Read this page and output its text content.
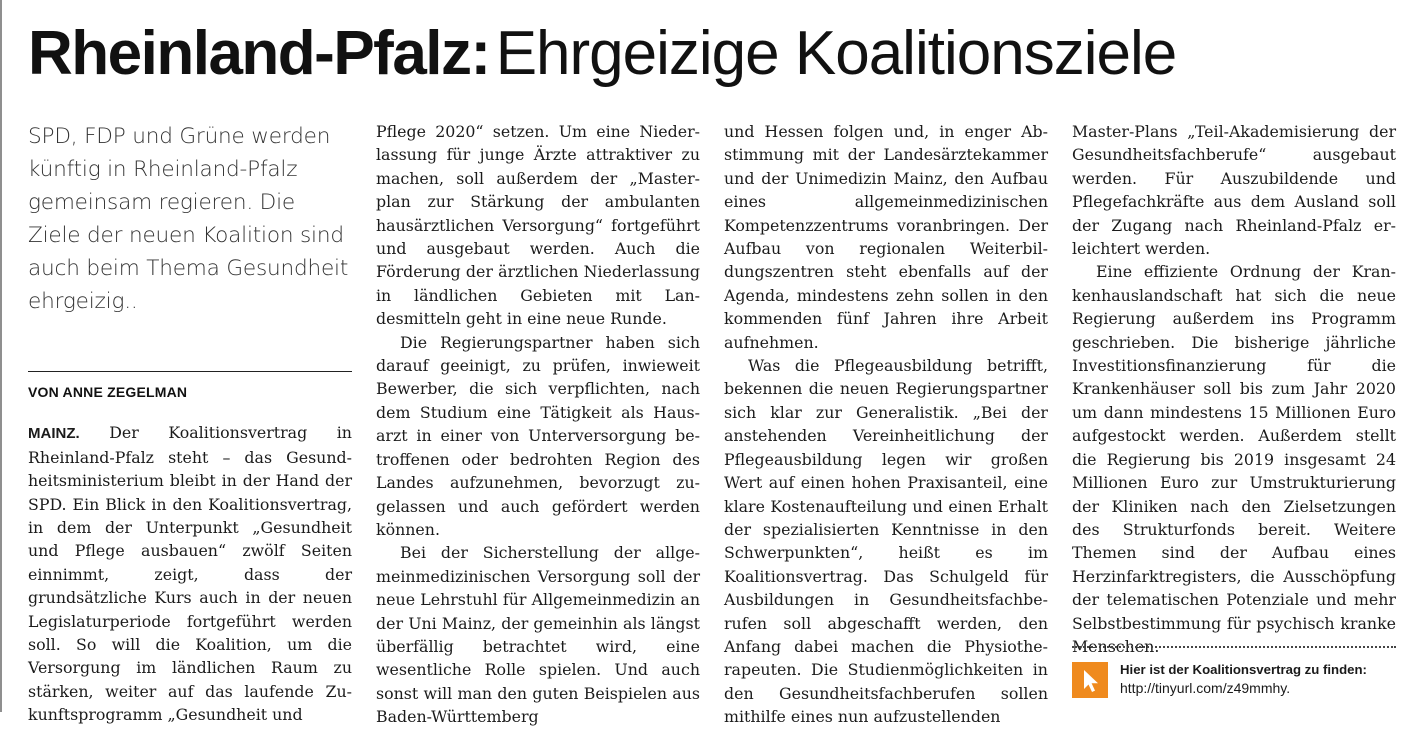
Rheinland-Pfalz:Ehrgeizige Koalitionsziele

SPD, FDP und Grüne werden künftig in Rheinland-Pfalz gemeinsam regieren. Die Ziele der neuen Koalition sind auch beim Thema Gesundheit ehrgeizig..

VON ANNE ZEGELMAN

MAINZ. Der Koalitionsvertrag in Rheinland-Pfalz steht – das Gesundheitsministerium bleibt in der Hand der SPD. Ein Blick in den Koalitionsvertrag, in dem der Unterpunkt „Gesundheit und Pflege ausbauen“ zwölf Seiten einnimmt, zeigt, dass der grundsätzliche Kurs auch in der neuen Legislaturperiode fortgeführt werden soll. So will die Koalition, um die Versorgung im ländlichen Raum zu stärken, weiter auf das laufende Zukunftsprogramm „Gesundheit und

Pflege 2020“ setzen. Um eine Niederlassung für junge Ärzte attraktiver zu machen, soll außerdem der „Masterplan zur Stärkung der ambulanten hausärztlichen Versorgung“ fortgeführt und ausgebaut werden. Auch die Förderung der ärztlichen Niederlassung in ländlichen Gebieten mit Landesmitteln geht in eine neue Runde.

Die Regierungspartner haben sich darauf geeinigt, zu prüfen, inwieweit Bewerber, die sich verpflichten, nach dem Studium eine Tätigkeit als Hausarzt in einer von Unterversorgung betroffenen oder bedrohten Region des Landes aufzunehmen, bevorzugt zugelassen und auch gefördert werden können.

Bei der Sicherstellung der allgemeinmedizinischen Versorgung soll der neue Lehrstuhl für Allgemeinmedizin an der Uni Mainz, der gemeinhin als längst überfällig betrachtet wird, eine wesentliche Rolle spielen. Und auch sonst will man den guten Beispielen aus Baden-Württemberg

und Hessen folgen und, in enger Abstimmung mit der Landesärztekammer und der Unimedizin Mainz, den Aufbau eines allgemeinmedizinischen Kompetenzzentrums voranbringen. Der Aufbau von regionalen Weiterbildungszentren steht ebenfalls auf der Agenda, mindestens zehn sollen in den kommenden fünf Jahren ihre Arbeit aufnehmen.

Was die Pflegeausbildung betrifft, bekennen die neuen Regierungspartner sich klar zur Generalistik. „Bei der anstehenden Vereinheitlichung der Pflegeausbildung legen wir großen Wert auf einen hohen Praxisanteil, eine klare Kostenaufteilung und einen Erhalt der spezialisierten Kenntnisse in den Schwerpunkten“, heißt es im Koalitionsvertrag. Das Schulgeld für Ausbildungen in Gesundheitsfachberufen soll abgeschafft werden, den Anfang dabei machen die Physiotherapeuten. Die Studienmöglichkeiten in den Gesundheitsfachberufen sollen mithilfe eines nun aufzustellenden

Master-Plans „Teil-Akademisierung der Gesundheitsfachberufe“ ausgebaut werden. Für Auszubildende und Pflegefachkräfte aus dem Ausland soll der Zugang nach Rheinland-Pfalz erleichtert werden.

Eine effiziente Ordnung der Krankenhauslandschaft hat sich die neue Regierung außerdem ins Programm geschrieben. Die bisherige jährliche Investitionsfinanzierung für die Krankenhäuser soll bis zum Jahr 2020 um dann mindestens 15 Millionen Euro aufgestockt werden. Außerdem stellt die Regierung bis 2019 insgesamt 24 Millionen Euro zur Umstrukturierung der Kliniken nach den Zielsetzungen des Strukturfonds bereit. Weitere Themen sind der Aufbau eines Herzinfarktregisters, die Ausschöpfung der telematischen Potenziale und mehr Selbstbestimmung für psychisch kranke Menschen.

Hier ist der Koalitionsvertrag zu finden:
http://tinyurl.com/z49mmhy.
